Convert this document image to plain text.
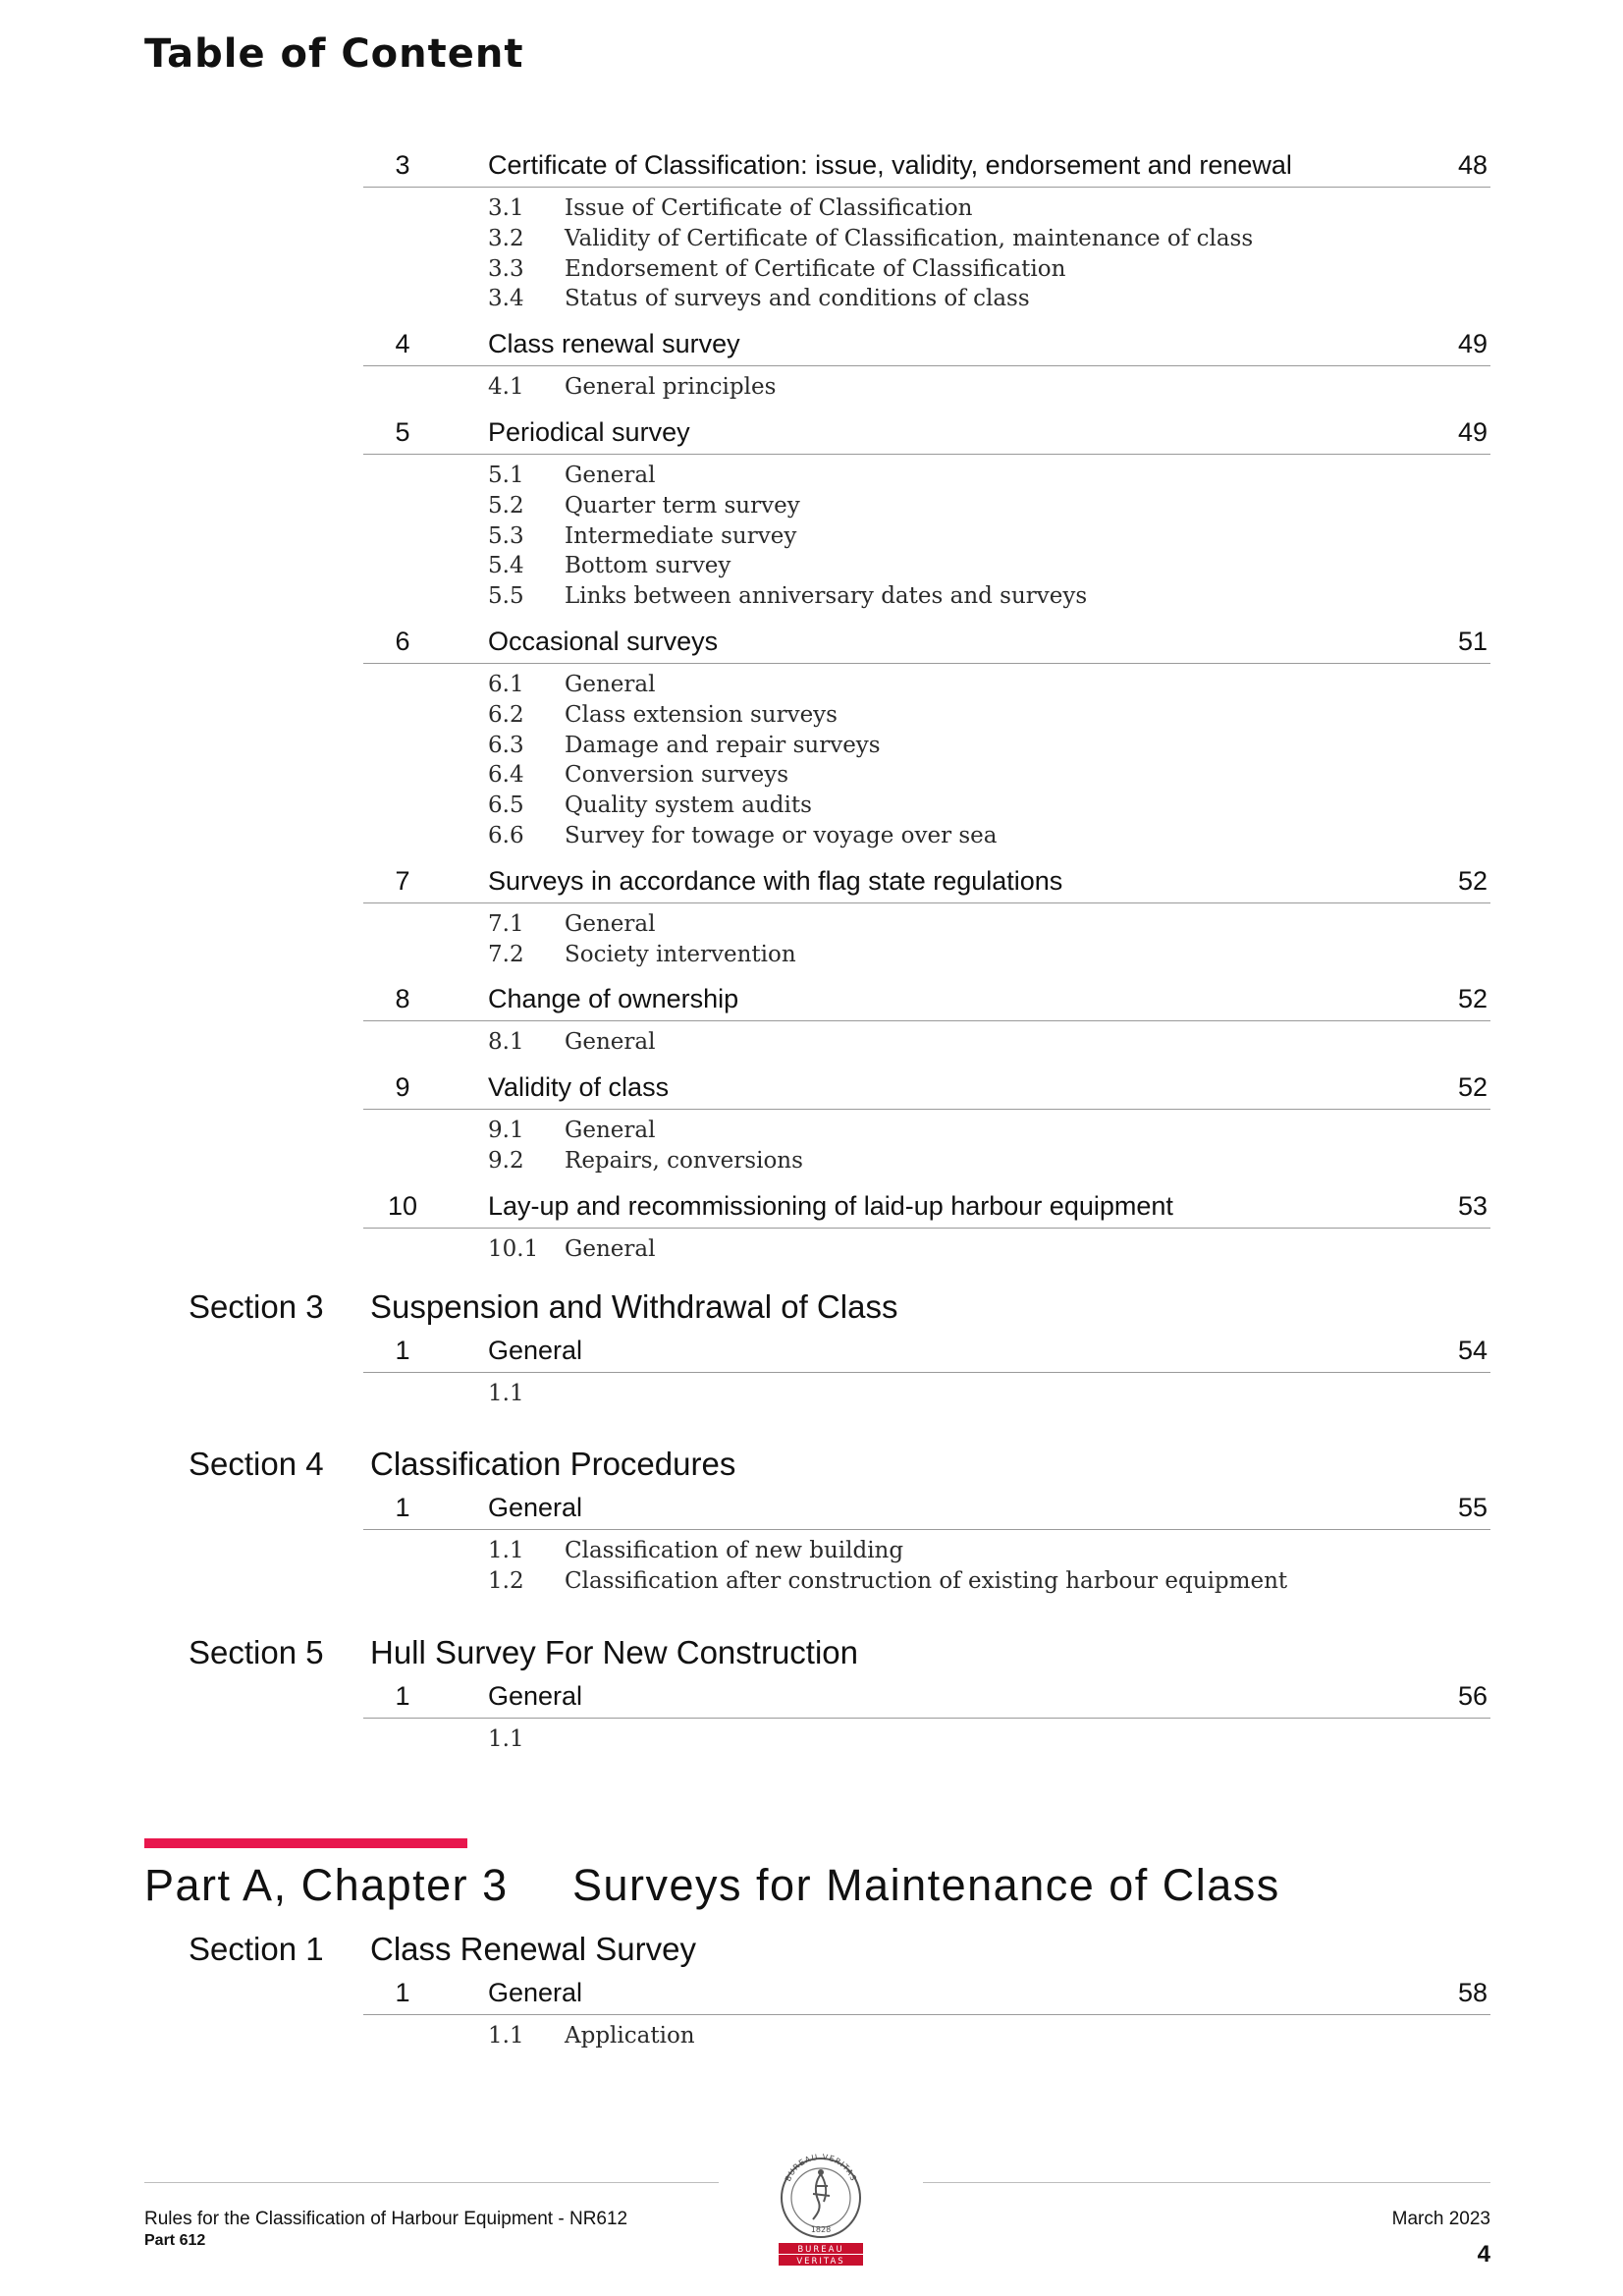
Table of Content
3	Certificate of Classification: issue, validity, endorsement and renewal	48
3.1 Issue of Certificate of Classification
3.2 Validity of Certificate of Classification, maintenance of class
3.3 Endorsement of Certificate of Classification
3.4 Status of surveys and conditions of class
4	Class renewal survey	49
4.1 General principles
5	Periodical survey	49
5.1 General
5.2 Quarter term survey
5.3 Intermediate survey
5.4 Bottom survey
5.5 Links between anniversary dates and surveys
6	Occasional surveys	51
6.1 General
6.2 Class extension surveys
6.3 Damage and repair surveys
6.4 Conversion surveys
6.5 Quality system audits
6.6 Survey for towage or voyage over sea
7	Surveys in accordance with flag state regulations	52
7.1 General
7.2 Society intervention
8	Change of ownership	52
8.1 General
9	Validity of class	52
9.1 General
9.2 Repairs, conversions
10	Lay-up and recommissioning of laid-up harbour equipment	53
10.1 General
Section 3 Suspension and Withdrawal of Class
1	General	54
1.1
Section 4 Classification Procedures
1	General	55
1.1 Classification of new building
1.2 Classification after construction of existing harbour equipment
Section 5 Hull Survey For New Construction
1	General	56
1.1
Part A, Chapter 3 Surveys for Maintenance of Class
Section 1 Class Renewal Survey
1	General	58
1.1 Application
Rules for the Classification of Harbour Equipment - NR612
Part 612
March 2023
4
BUREAU VERITAS
1828
BUREAU
VERITAS
